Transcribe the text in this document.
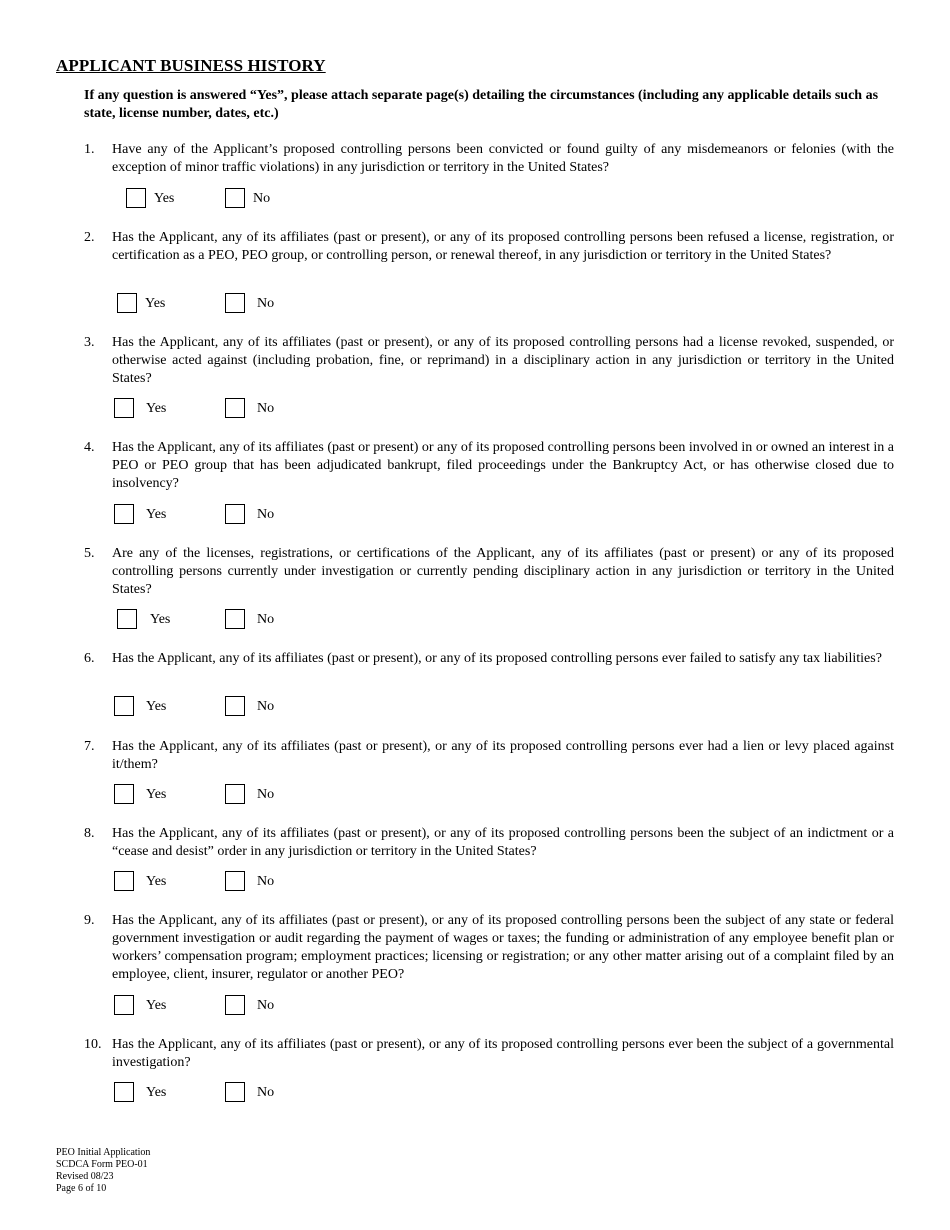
APPLICANT BUSINESS HISTORY
If any question is answered “Yes”, please attach separate page(s) detailing the circumstances (including any applicable details such as state, license number, dates, etc.)
1. Have any of the Applicant’s proposed controlling persons been convicted or found guilty of any misdemeanors or felonies (with the exception of minor traffic violations) in any jurisdiction or territory in the United States?
Yes	No
2. Has the Applicant, any of its affiliates (past or present), or any of its proposed controlling persons been refused a license, registration, or certification as a PEO, PEO group, or controlling person, or renewal thereof, in any jurisdiction or territory in the United States?
Yes	No
3. Has the Applicant, any of its affiliates (past or present), or any of its proposed controlling persons had a license revoked, suspended, or otherwise acted against (including probation, fine, or reprimand) in a disciplinary action in any jurisdiction or territory in the United States?
Yes	No
4. Has the Applicant, any of its affiliates (past or present) or any of its proposed controlling persons been involved in or owned an interest in a PEO or PEO group that has been adjudicated bankrupt, filed proceedings under the Bankruptcy Act, or has otherwise closed due to insolvency?
Yes	No
5. Are any of the licenses, registrations, or certifications of the Applicant, any of its affiliates (past or present) or any of its proposed controlling persons currently under investigation or currently pending disciplinary action in any jurisdiction or territory in the United States?
Yes	No
6. Has the Applicant, any of its affiliates (past or present), or any of its proposed controlling persons ever failed to satisfy any tax liabilities?
Yes	No
7. Has the Applicant, any of its affiliates (past or present), or any of its proposed controlling persons ever had a lien or levy placed against it/them?
Yes	No
8. Has the Applicant, any of its affiliates (past or present), or any of its proposed controlling persons been the subject of an indictment or a “cease and desist” order in any jurisdiction or territory in the United States?
Yes	No
9. Has the Applicant, any of its affiliates (past or present), or any of its proposed controlling persons been the subject of any state or federal government investigation or audit regarding the payment of wages or taxes; the funding or administration of any employee benefit plan or workers’ compensation program; employment practices; licensing or registration; or any other matter arising out of a complaint filed by an employee, client, insurer, regulator or another PEO?
Yes	No
10. Has the Applicant, any of its affiliates (past or present), or any of its proposed controlling persons ever been the subject of a governmental investigation?
Yes	No
PEO Initial Application
SCDCA Form PEO-01
Revised 08/23
Page 6 of 10
